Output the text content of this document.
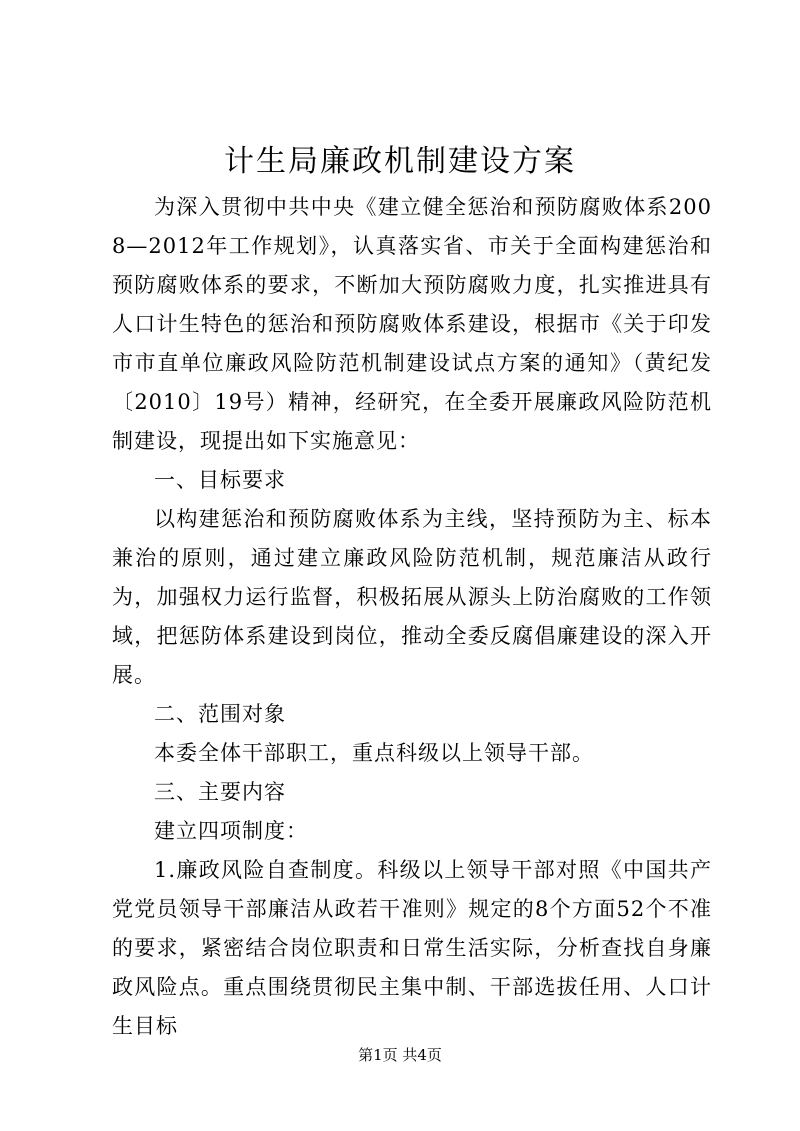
计生局廉政机制建设方案

为深入贯彻中共中央《建立健全惩治和预防腐败体系2008—2012年工作规划》，认真落实省、市关于全面构建惩治和预防腐败体系的要求，不断加大预防腐败力度，扎实推进具有人口计生特色的惩治和预防腐败体系建设，根据市《关于印发市市直单位廉政风险防范机制建设试点方案的通知》（黄纪发〔2010〕19号）精神，经研究，在全委开展廉政风险防范机制建设，现提出如下实施意见：

一、目标要求

以构建惩治和预防腐败体系为主线，坚持预防为主、标本兼治的原则，通过建立廉政风险防范机制，规范廉洁从政行为，加强权力运行监督，积极拓展从源头上防治腐败的工作领域，把惩防体系建设到岗位，推动全委反腐倡廉建设的深入开展。

二、范围对象

本委全体干部职工，重点科级以上领导干部。

三、主要内容

建立四项制度：

1.廉政风险自查制度。科级以上领导干部对照《中国共产党党员领导干部廉洁从政若干准则》规定的8个方面52个不准的要求，紧密结合岗位职责和日常生活实际，分析查找自身廉政风险点。重点围绕贯彻民主集中制、干部选拔任用、人口计生目标

第1页 共4页
